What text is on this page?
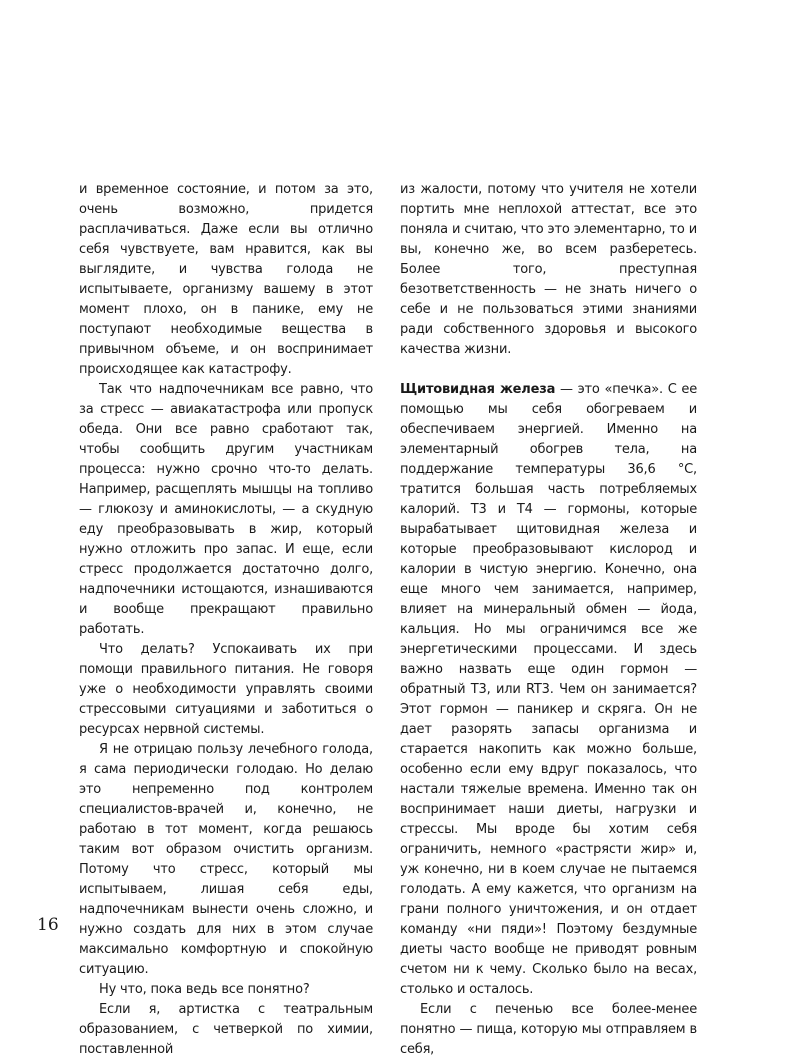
и временное состояние, и потом за это, очень возможно, придется расплачиваться. Даже если вы отлично себя чувствуете, вам нравится, как вы выглядите, и чувства голода не испытываете, организму вашему в этот момент плохо, он в панике, ему не поступают необходимые вещества в привычном объеме, и он воспринимает происходящее как катастрофу.

Так что надпочечникам все равно, что за стресс — авиакатастрофа или пропуск обеда. Они все равно сработают так, чтобы сообщить другим участникам процесса: нужно срочно что-то делать. Например, расщеплять мышцы на топливо — глюкозу и аминокислоты, — а скудную еду преобразовывать в жир, который нужно отложить про запас. И еще, если стресс продолжается достаточно долго, надпочечники истощаются, изнашиваются и вообще прекращают правильно работать.

Что делать? Успокаивать их при помощи правильного питания. Не говоря уже о необходимости управлять своими стрессовыми ситуациями и заботиться о ресурсах нервной системы.

Я не отрицаю пользу лечебного голода, я сама периодически голодаю. Но делаю это непременно под контролем специалистов-врачей и, конечно, не работаю в тот момент, когда решаюсь таким вот образом очистить организм. Потому что стресс, который мы испытываем, лишая себя еды, надпочечникам вынести очень сложно, и нужно создать для них в этом случае максимально комфортную и спокойную ситуацию.

Ну что, пока ведь все понятно?

Если я, артистка с театральным образованием, с четверкой по химии, поставленной

из жалости, потому что учителя не хотели портить мне неплохой аттестат, все это поняла и считаю, что это элементарно, то и вы, конечно же, во всем разберетесь. Более того, преступная безответственность — не знать ничего о себе и не пользоваться этими знаниями ради собственного здоровья и высокого качества жизни.

Щитовидная железа — это «печка». С ее помощью мы себя обогреваем и обеспечиваем энергией. Именно на элементарный обогрев тела, на поддержание температуры 36,6 °С, тратится большая часть потребляемых калорий. Т3 и Т4 — гормоны, которые вырабатывает щитовидная железа и которые преобразовывают кислород и калории в чистую энергию. Конечно, она еще много чем занимается, например, влияет на минеральный обмен — йода, кальция. Но мы ограничимся все же энергетическими процессами. И здесь важно назвать еще один гормон — обратный Т3, или RT3. Чем он занимается? Этот гормон — паникер и скряга. Он не дает разорять запасы организма и старается накопить как можно больше, особенно если ему вдруг показалось, что настали тяжелые времена. Именно так он воспринимает наши диеты, нагрузки и стрессы. Мы вроде бы хотим себя ограничить, немного «растрясти жир» и, уж конечно, ни в коем случае не пытаемся голодать. А ему кажется, что организм на грани полного уничтожения, и он отдает команду «ни пяди»! Поэтому бездумные диеты часто вообще не приводят ровным счетом ни к чему. Сколько было на весах, столько и осталось.

Если с печенью все более-менее понятно — пища, которую мы отправляем в себя,

16
